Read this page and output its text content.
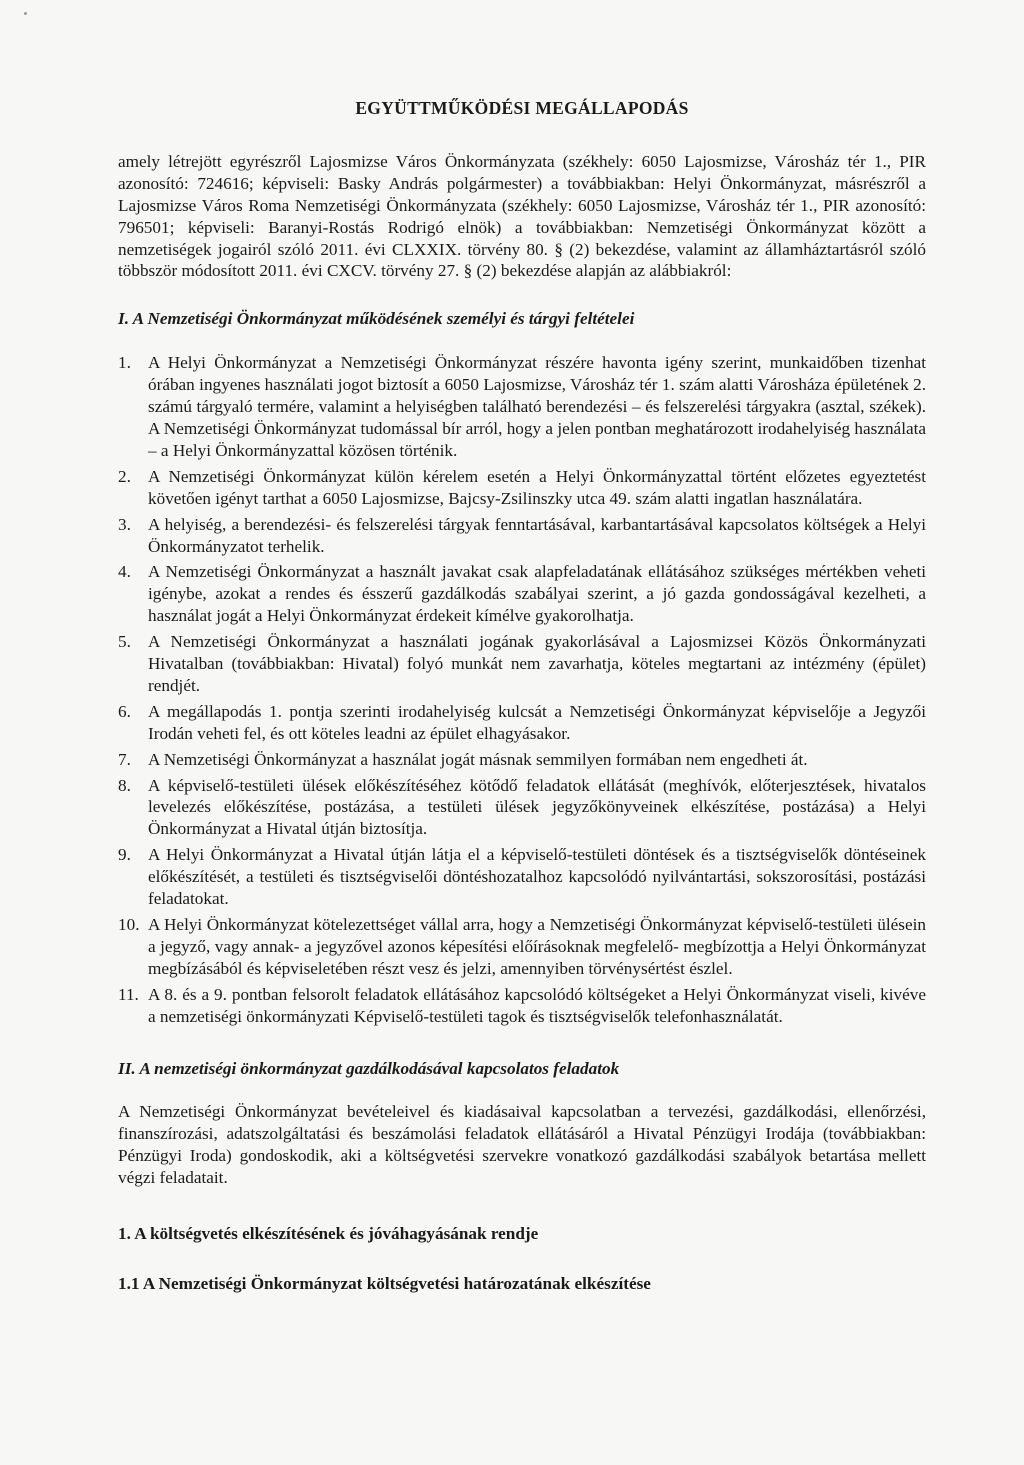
EGYÜTTMŰKÖDÉSI MEGÁLLAPODÁS

amely létrejött egyrészről Lajosmizse Város Önkormányzata (székhely: 6050 Lajosmizse, Városház tér 1., PIR azonosító: 724616; képviseli: Basky András polgármester) a továbbiakban: Helyi Önkormányzat, másrészről a Lajosmizse Város Roma Nemzetiségi Önkormányzata (székhely: 6050 Lajosmizse, Városház tér 1., PIR azonosító: 796501; képviseli: Baranyi-Rostás Rodrigó elnök) a továbbiakban: Nemzetiségi Önkormányzat között a nemzetiségek jogairól szóló 2011. évi CLXXIX. törvény 80. § (2) bekezdése, valamint az államháztartásról szóló többször módosított 2011. évi CXCV. törvény 27. § (2) bekezdése alapján az alábbiakról:

I. A Nemzetiségi Önkormányzat működésének személyi és tárgyi feltételei
1. A Helyi Önkormányzat a Nemzetiségi Önkormányzat részére havonta igény szerint, munkaidőben tizenhat órában ingyenes használati jogot biztosít a 6050 Lajosmizse, Városház tér 1. szám alatti Városháza épületének 2. számú tárgyaló termére, valamint a helyiségben található berendezési – és felszerelési tárgyakra (asztal, székek). A Nemzetiségi Önkormányzat tudomással bír arról, hogy a jelen pontban meghatározott irodahelyiség használata – a Helyi Önkormányzattal közösen történik.
2. A Nemzetiségi Önkormányzat külön kérelem esetén a Helyi Önkormányzattal történt előzetes egyeztetést követően igényt tarthat a 6050 Lajosmizse, Bajcsy-Zsilinszky utca 49. szám alatti ingatlan használatára.
3. A helyiség, a berendezési- és felszerelési tárgyak fenntartásával, karbantartásával kapcsolatos költségek a Helyi Önkormányzatot terhelik.
4. A Nemzetiségi Önkormányzat a használt javakat csak alapfeladatának ellátásához szükséges mértékben veheti igénybe, azokat a rendes és ésszerű gazdálkodás szabályai szerint, a jó gazda gondosságával kezelheti, a használat jogát a Helyi Önkormányzat érdekeit kímélve gyakorolhatja.
5. A Nemzetiségi Önkormányzat a használati jogának gyakorlásával a Lajosmizsei Közös Önkormányzati Hivatalban (továbbiakban: Hivatal) folyó munkát nem zavarhatja, köteles megtartani az intézmény (épület) rendjét.
6. A megállapodás 1. pontja szerinti irodahelyiség kulcsát a Nemzetiségi Önkormányzat képviselője a Jegyzői Irodán veheti fel, és ott köteles leadni az épület elhagyásakor.
7. A Nemzetiségi Önkormányzat a használat jogát másnak semmilyen formában nem engedheti át.
8. A képviselő-testületi ülések előkészítéséhez kötődő feladatok ellátását (meghívók, előterjesztések, hivatalos levelezés előkészítése, postázása, a testületi ülések jegyzőkönyveinek elkészítése, postázása) a Helyi Önkormányzat a Hivatal útján biztosítja.
9. A Helyi Önkormányzat a Hivatal útján látja el a képviselő-testületi döntések és a tisztségviselők döntéseinek előkészítését, a testületi és tisztségviselői döntéshozatalhoz kapcsolódó nyilvántartási, sokszorosítási, postázási feladatokat.
10. A Helyi Önkormányzat kötelezettséget vállal arra, hogy a Nemzetiségi Önkormányzat képviselő-testületi ülésein a jegyző, vagy annak- a jegyzővel azonos képesítési előírásoknak megfelelő- megbízottja a Helyi Önkormányzat megbízásából és képviseletében részt vesz és jelzi, amennyiben törvénysértést észlel.
11. A 8. és a 9. pontban felsorolt feladatok ellátásához kapcsolódó költségeket a Helyi Önkormányzat viseli, kivéve a nemzetiségi önkormányzati Képviselő-testületi tagok és tisztségviselők telefonhasználatát.
II. A nemzetiségi önkormányzat gazdálkodásával kapcsolatos feladatok

A Nemzetiségi Önkormányzat bevételeivel és kiadásaival kapcsolatban a tervezési, gazdálkodási, ellenőrzési, finanszírozási, adatszolgáltatási és beszámolási feladatok ellátásáról a Hivatal Pénzügyi Irodája (továbbiakban: Pénzügyi Iroda) gondoskodik, aki a költségvetési szervekre vonatkozó gazdálkodási szabályok betartása mellett végzi feladatait.

1. A költségvetés elkészítésének és jóváhagyásának rendje
1.1 A Nemzetiségi Önkormányzat költségvetési határozatának elkészítése
